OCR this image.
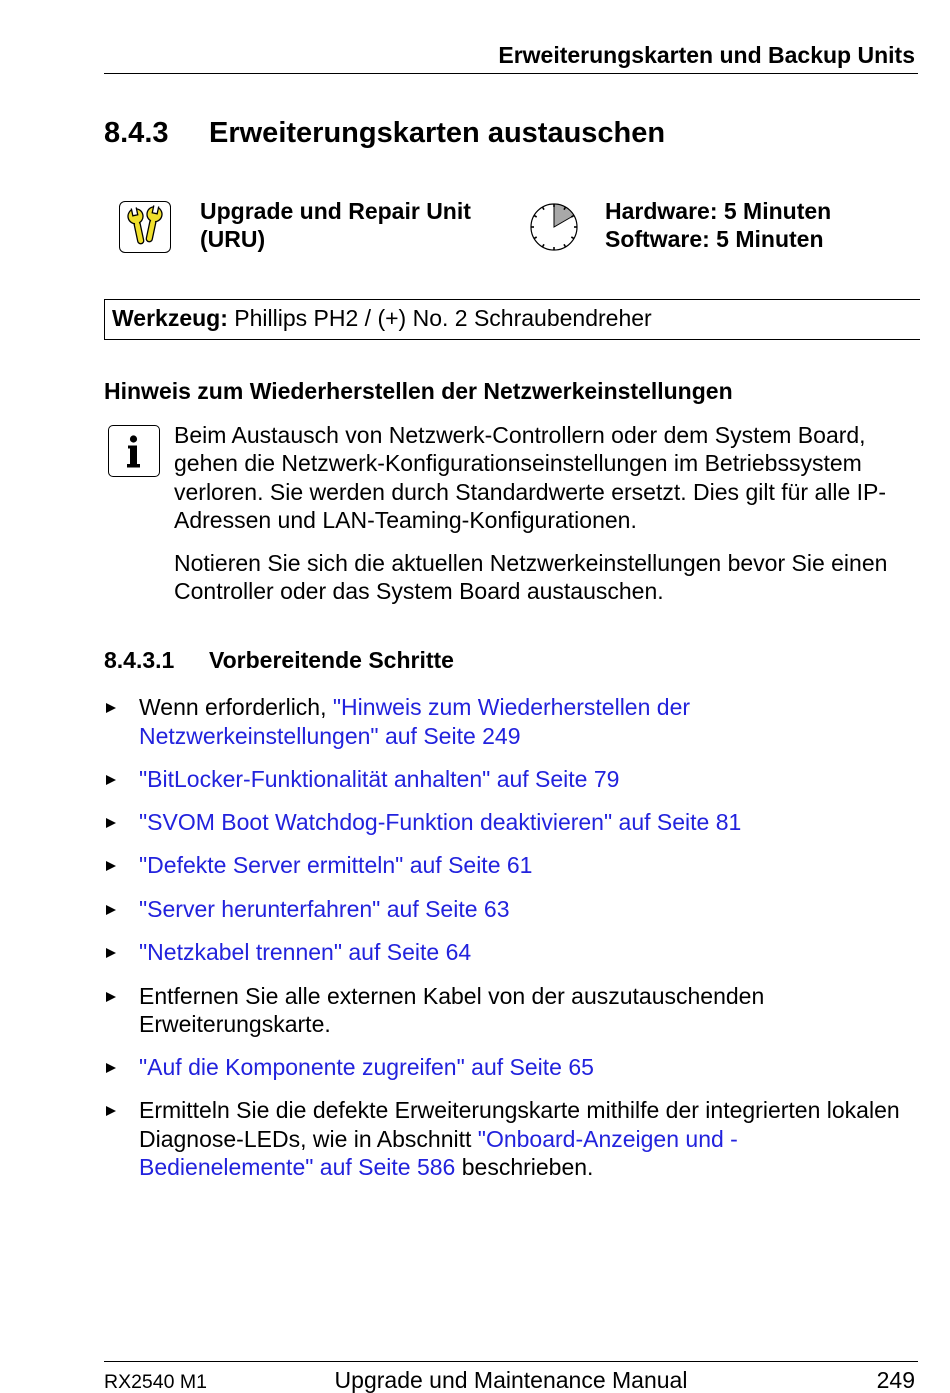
Erweiterungskarten und Backup Units
8.4.3 Erweiterungskarten austauschen
Upgrade und Repair Unit
(URU)
Hardware: 5 Minuten
Software: 5 Minuten
Werkzeug: Phillips PH2 / (+) No. 2 Schraubendreher
Hinweis zum Wiederherstellen der Netzwerkeinstellungen
Beim Austausch von Netzwerk-Controllern oder dem System Board,
gehen die Netzwerk-Konfigurationseinstellungen im Betriebssystem
verloren. Sie werden durch Standardwerte ersetzt. Dies gilt für alle IP-
Adressen und LAN-Teaming-Konfigurationen.
Notieren Sie sich die aktuellen Netzwerkeinstellungen bevor Sie einen
Controller oder das System Board austauschen.
8.4.3.1 Vorbereitende Schritte
Wenn erforderlich, "Hinweis zum Wiederherstellen der
Netzwerkeinstellungen" auf Seite 249
"BitLocker-Funktionalität anhalten" auf Seite 79
"SVOM Boot Watchdog-Funktion deaktivieren" auf Seite 81
"Defekte Server ermitteln" auf Seite 61
"Server herunterfahren" auf Seite 63
"Netzkabel trennen" auf Seite 64
Entfernen Sie alle externen Kabel von der auszutauschenden
Erweiterungskarte.
"Auf die Komponente zugreifen" auf Seite 65
Ermitteln Sie die defekte Erweiterungskarte mithilfe der integrierten lokalen
Diagnose-LEDs, wie in Abschnitt "Onboard-Anzeigen und -
Bedienelemente" auf Seite 586 beschrieben.
RX2540 M1	Upgrade und Maintenance Manual	249
